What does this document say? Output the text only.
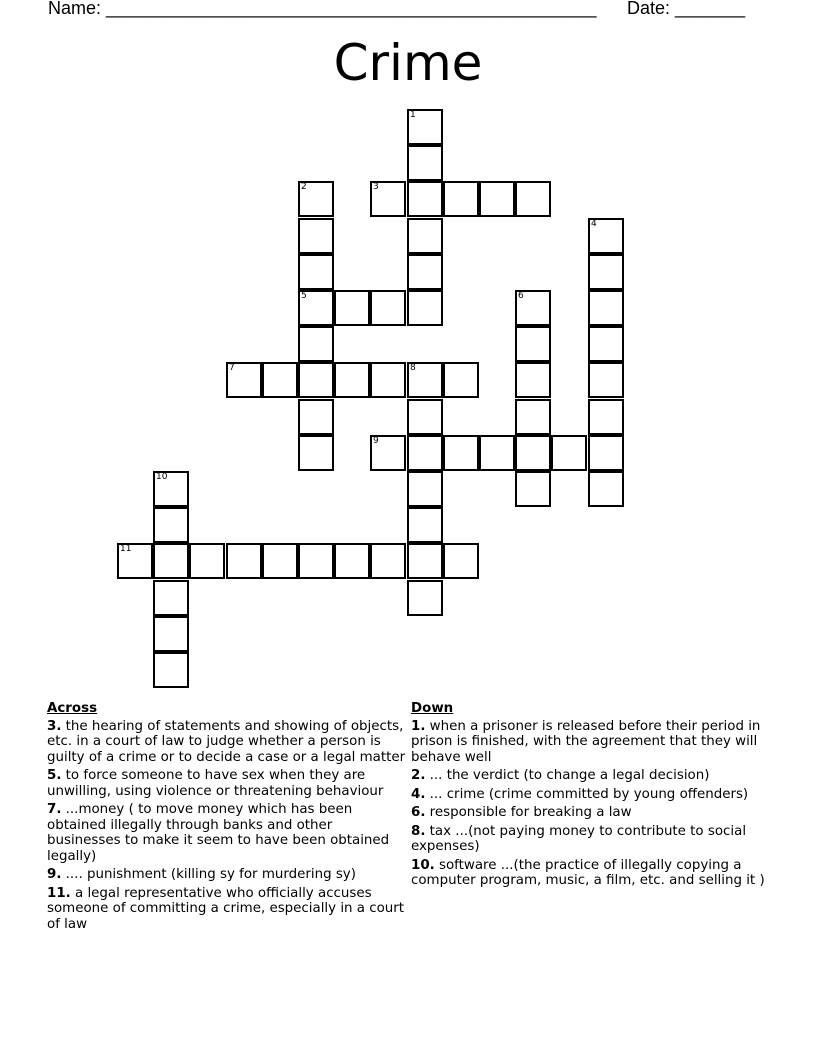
Name: _________________________________________________ Date: _______
Crime
1
3
2
5
4
6
7	8
9
10
11
Across
3. the hearing of statements and showing of objects, etc. in a court of law to judge whether a person is guilty of a crime or to decide a case or a legal matter
5. to force someone to have sex when they are unwilling, using violence or threatening behaviour
7. ...money ( to move money which has been obtained illegally through banks and other businesses to make it seem to have been obtained legally)
9. .... punishment (killing sy for murdering sy)
11. a legal representative who officially accuses someone of committing a crime, especially in a court of law
Down
1. when a prisoner is released before their period in prison is finished, with the agreement that they will behave well
2. ... the verdict (to change a legal decision)
4. ... crime (crime committed by young offenders)
6. responsible for breaking a law
8. tax ...(not paying money to contribute to social expenses)
10. software ...(the practice of illegally copying a computer program, music, a film, etc. and selling it )
